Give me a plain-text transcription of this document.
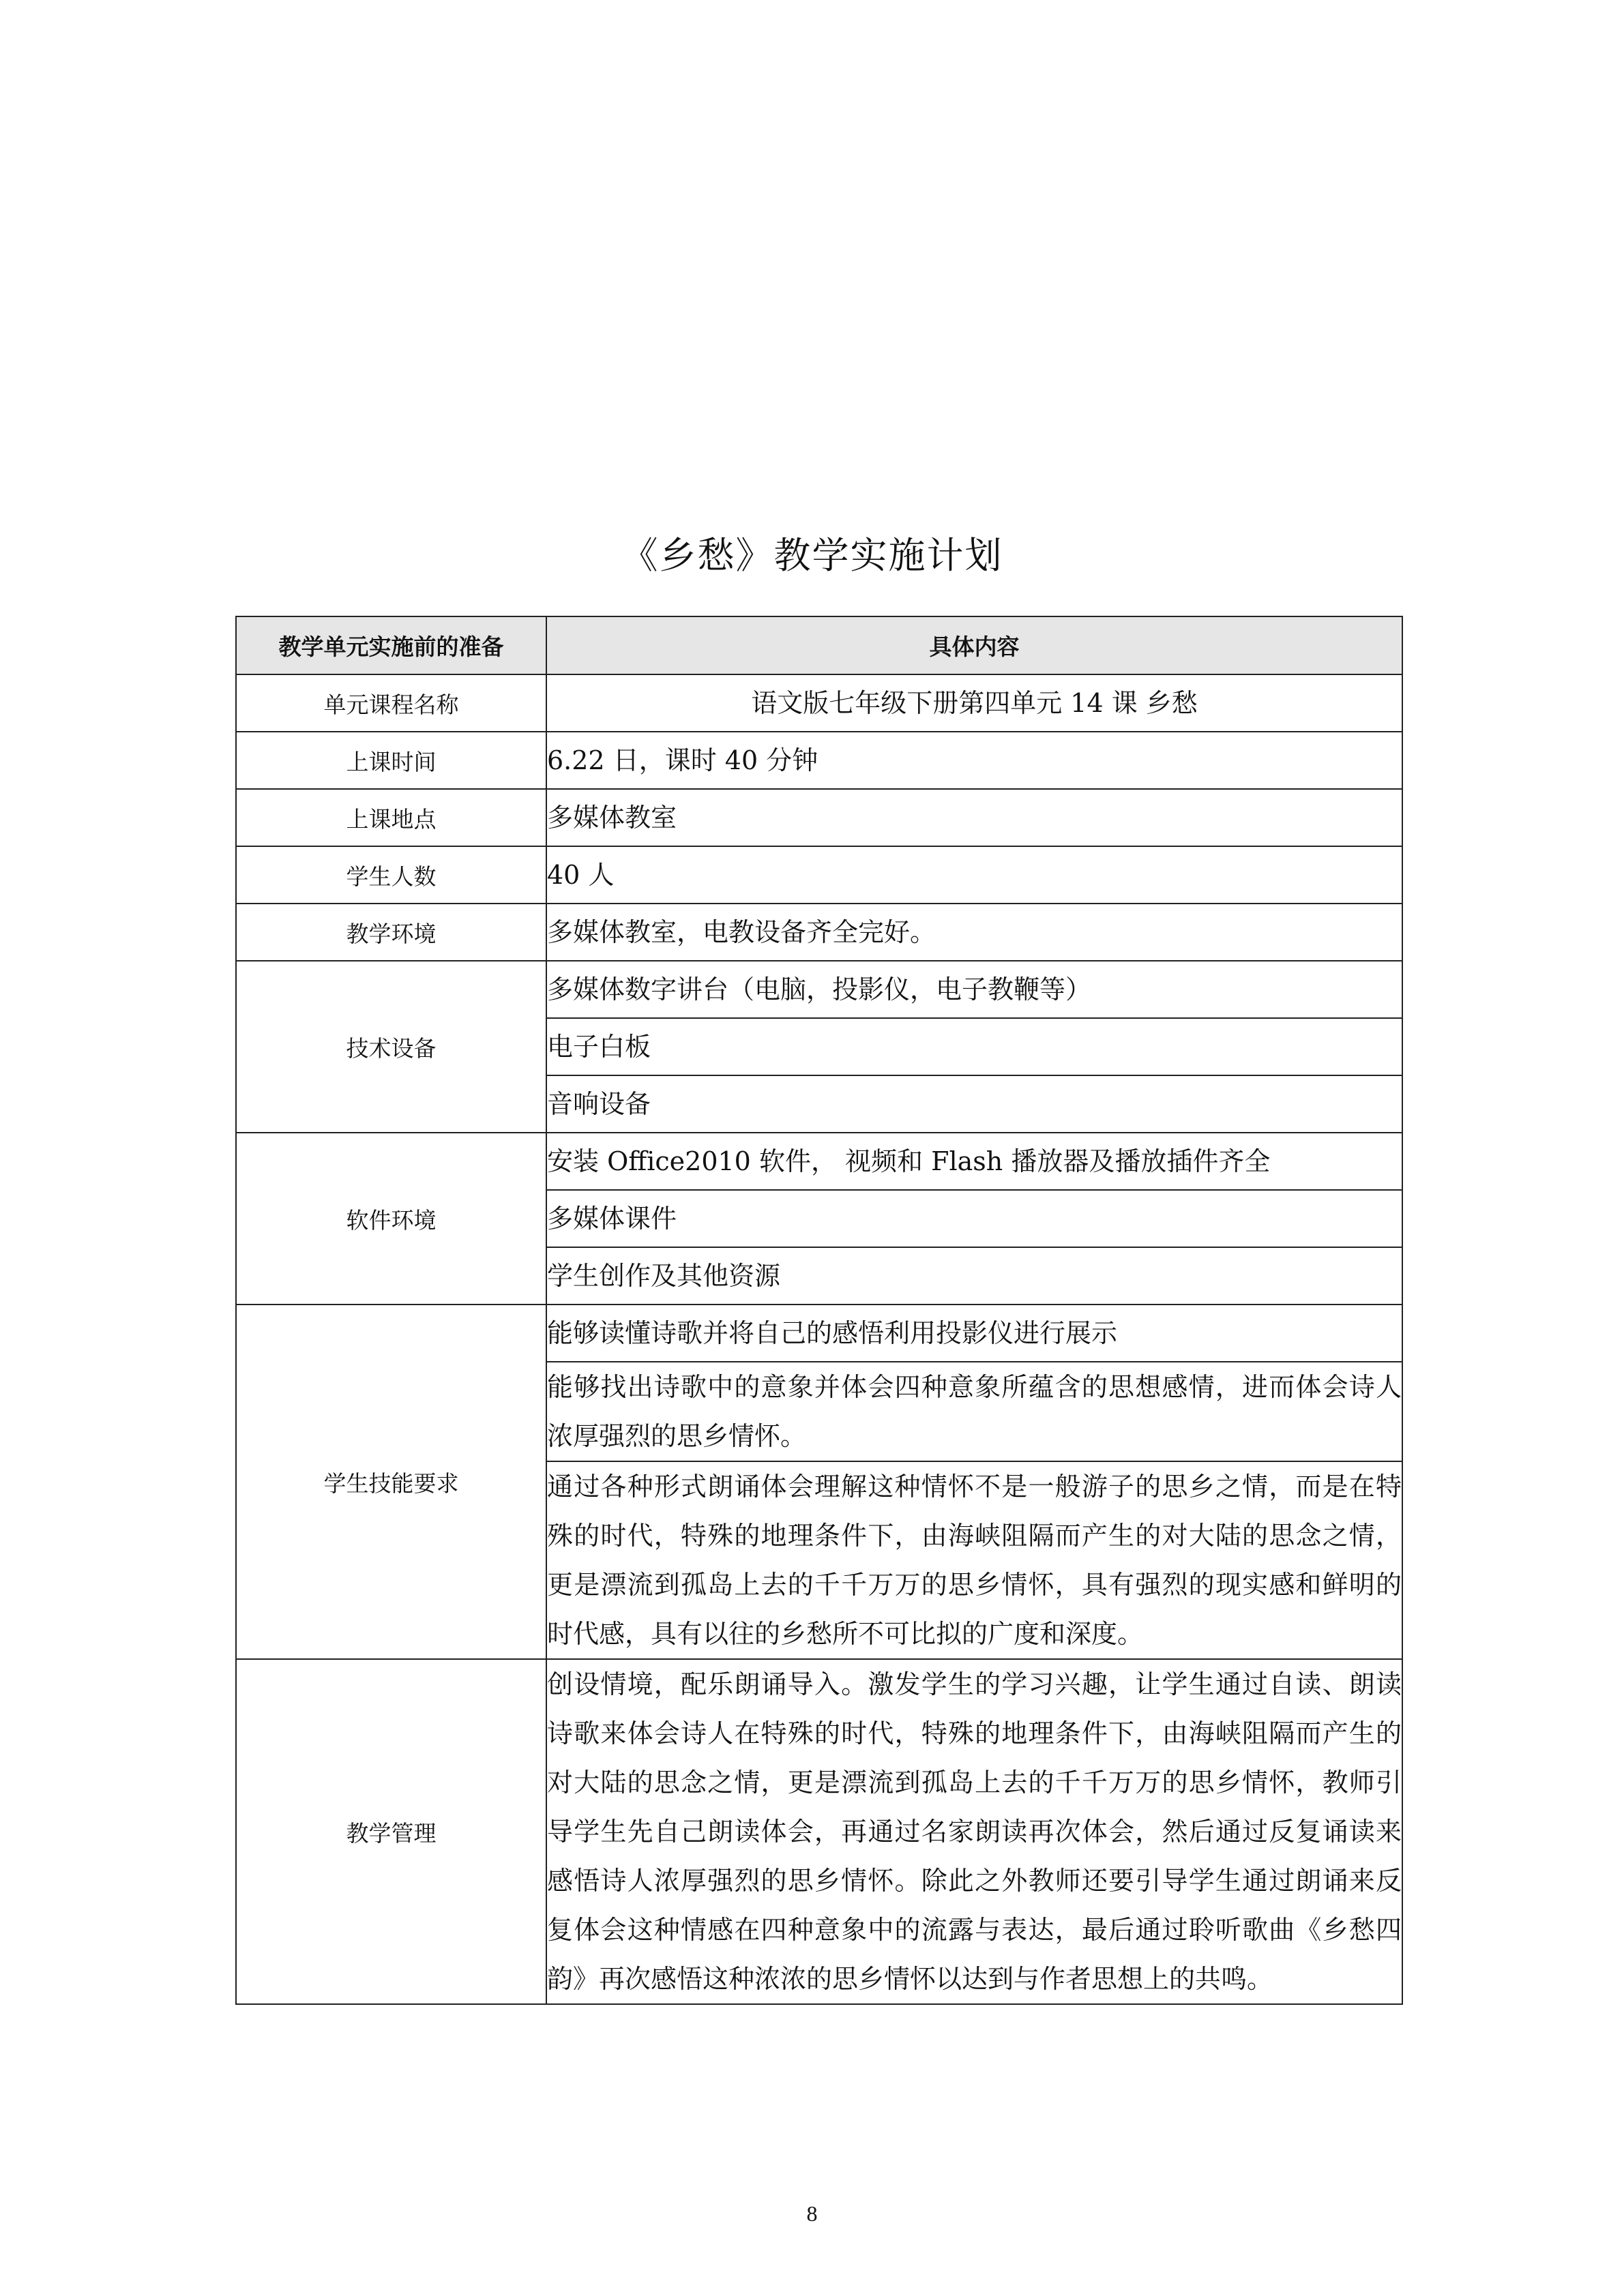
《乡愁》教学实施计划
教学单元实施前的准备	具体内容
单元课程名称	语文版七年级下册第四单元 14 课 乡愁
上课时间	6.22 日，课时 40 分钟
上课地点	多媒体教室
学生人数	40 人
教学环境	多媒体教室，电教设备齐全完好。
技术设备	多媒体数字讲台（电脑，投影仪，电子教鞭等）
	电子白板
	音响设备
软件环境	安装 Office2010 软件， 视频和 Flash 播放器及播放插件齐全
	多媒体课件
	学生创作及其他资源
学生技能要求	能够读懂诗歌并将自己的感悟利用投影仪进行展示
	能够找出诗歌中的意象并体会四种意象所蕴含的思想感情，进而体会诗人浓厚强烈的思乡情怀。
	通过各种形式朗诵体会理解这种情怀不是一般游子的思乡之情，而是在特殊的时代，特殊的地理条件下，由海峡阻隔而产生的对大陆的思念之情，更是漂流到孤岛上去的千千万万的思乡情怀，具有强烈的现实感和鲜明的时代感，具有以往的乡愁所不可比拟的广度和深度。
教学管理	创设情境，配乐朗诵导入。激发学生的学习兴趣，让学生通过自读、朗读诗歌来体会诗人在特殊的时代，特殊的地理条件下，由海峡阻隔而产生的对大陆的思念之情，更是漂流到孤岛上去的千千万万的思乡情怀，教师引导学生先自己朗读体会，再通过名家朗读再次体会，然后通过反复诵读来感悟诗人浓厚强烈的思乡情怀。除此之外教师还要引导学生通过朗诵来反复体会这种情感在四种意象中的流露与表达，最后通过聆听歌曲《乡愁四韵》再次感悟这种浓浓的思乡情怀以达到与作者思想上的共鸣。
8
